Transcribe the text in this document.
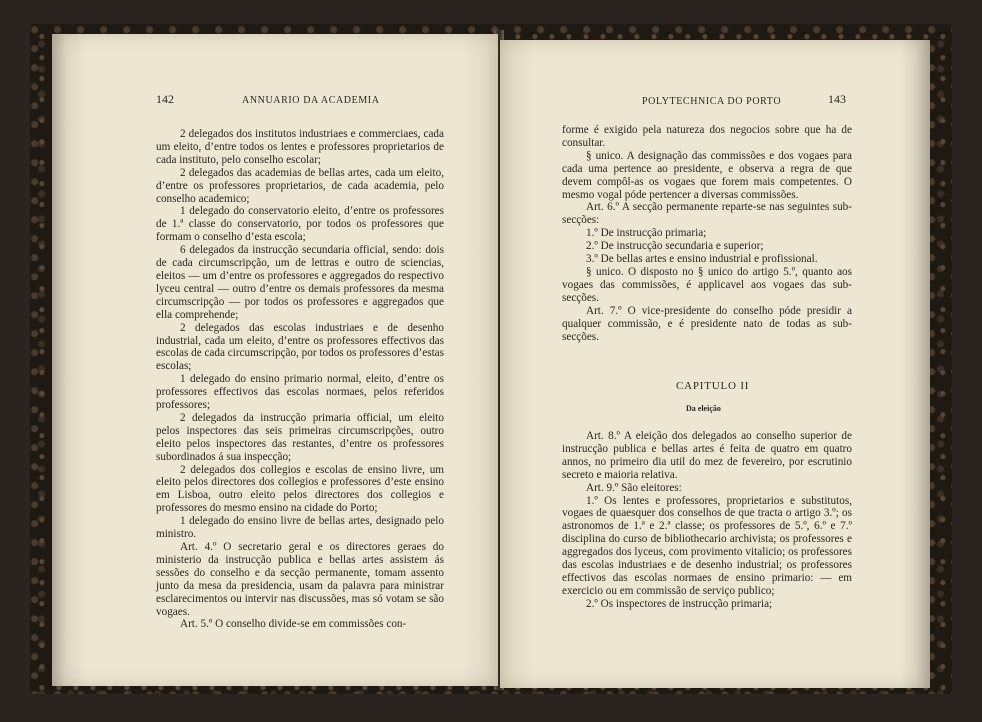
142	ANNUARIO DA ACADEMIA

2 delegados dos institutos industriaes e commerciaes, cada um eleito, d’entre todos os lentes e professores proprietarios de cada instituto, pelo conselho escolar;

2 delegados das academias de bellas artes, cada um eleito, d’entre os professores proprietarios, de cada academia, pelo conselho academico;

1 delegado do conservatorio eleito, d’entre os professores de 1.ª classe do conservatorio, por todos os professores que formam o conselho d’esta escola;

6 delegados da instrucção secundaria official, sendo: dois de cada circumscripção, um de lettras e outro de sciencias, eleitos — um d’entre os professores e aggregados do respectivo lyceu central — outro d’entre os demais professores da mesma circumscripção — por todos os professores e aggregados que ella comprehende;

2 delegados das escolas industriaes e de desenho industrial, cada um eleito, d’entre os professores effectivos das escolas de cada circumscripção, por todos os professores d’estas escolas;

1 delegado do ensino primario normal, eleito, d’entre os professores effectivos das escolas normaes, pelos referidos professores;

2 delegados da instrucção primaria official, um eleito pelos inspectores das seis primeiras circumscripções, outro eleito pelos inspectores das restantes, d’entre os professores subordinados á sua inspecção;

2 delegados dos collegios e escolas de ensino livre, um eleito pelos directores dos collegios e professores d’este ensino em Lisboa, outro eleito pelos directores dos collegios e professores do mesmo ensino na cidade do Porto;

1 delegado do ensino livre de bellas artes, designado pelo ministro.

Art. 4.º O secretario geral e os directores geraes do ministerio da instrucção publica e bellas artes assistem ás sessões do conselho e da secção permanente, tomam assento junto da mesa da presidencia, usam da palavra para ministrar esclarecimentos ou intervir nas discussões, mas só votam se são vogaes.

Art. 5.º O conselho divide-se em commissões con-

POLYTECHNICA DO PORTO	143

forme é exigido pela natureza dos negocios sobre que ha de consultar.

§ unico. A designação das commissões e dos vogaes para cada uma pertence ao presidente, e observa a regra de que devem compôl-as os vogaes que forem mais competentes. O mesmo vogal póde pertencer a diversas commissões.

Art. 6.º A secção permanente reparte-se nas seguintes sub-secções:

1.º De instrucção primaria;

2.º De instrucção secundaria e superior;

3.º De bellas artes e ensino industrial e profissional.

§ unico. O disposto no § unico do artigo 5.º, quanto aos vogaes das commissões, é applicavel aos vogaes das sub-secções.

Art. 7.º O vice-presidente do conselho póde presidir a qualquer commissão, e é presidente nato de todas as sub-secções.

CAPITULO II
Da eleição

Art. 8.º A eleição dos delegados ao conselho superior de instrucção publica e bellas artes é feita de quatro em quatro annos, no primeiro dia util do mez de fevereiro, por escrutinio secreto e maioria relativa.

Art. 9.º São eleitores:

1.º Os lentes e professores, proprietarios e substitutos, vogaes de quaesquer dos conselhos de que tracta o artigo 3.º; os astronomos de 1.ª e 2.ª classe; os professores de 5.º, 6.º e 7.º disciplina do curso de bibliothecario archivista; os professores e aggregados dos lyceus, com provimento vitalicio; os professores das escolas industriaes e de desenho industrial; os professores effectivos das escolas normaes de ensino primario: — em exercicio ou em commissão de serviço publico;

2.º Os inspectores de instrucção primaria;
